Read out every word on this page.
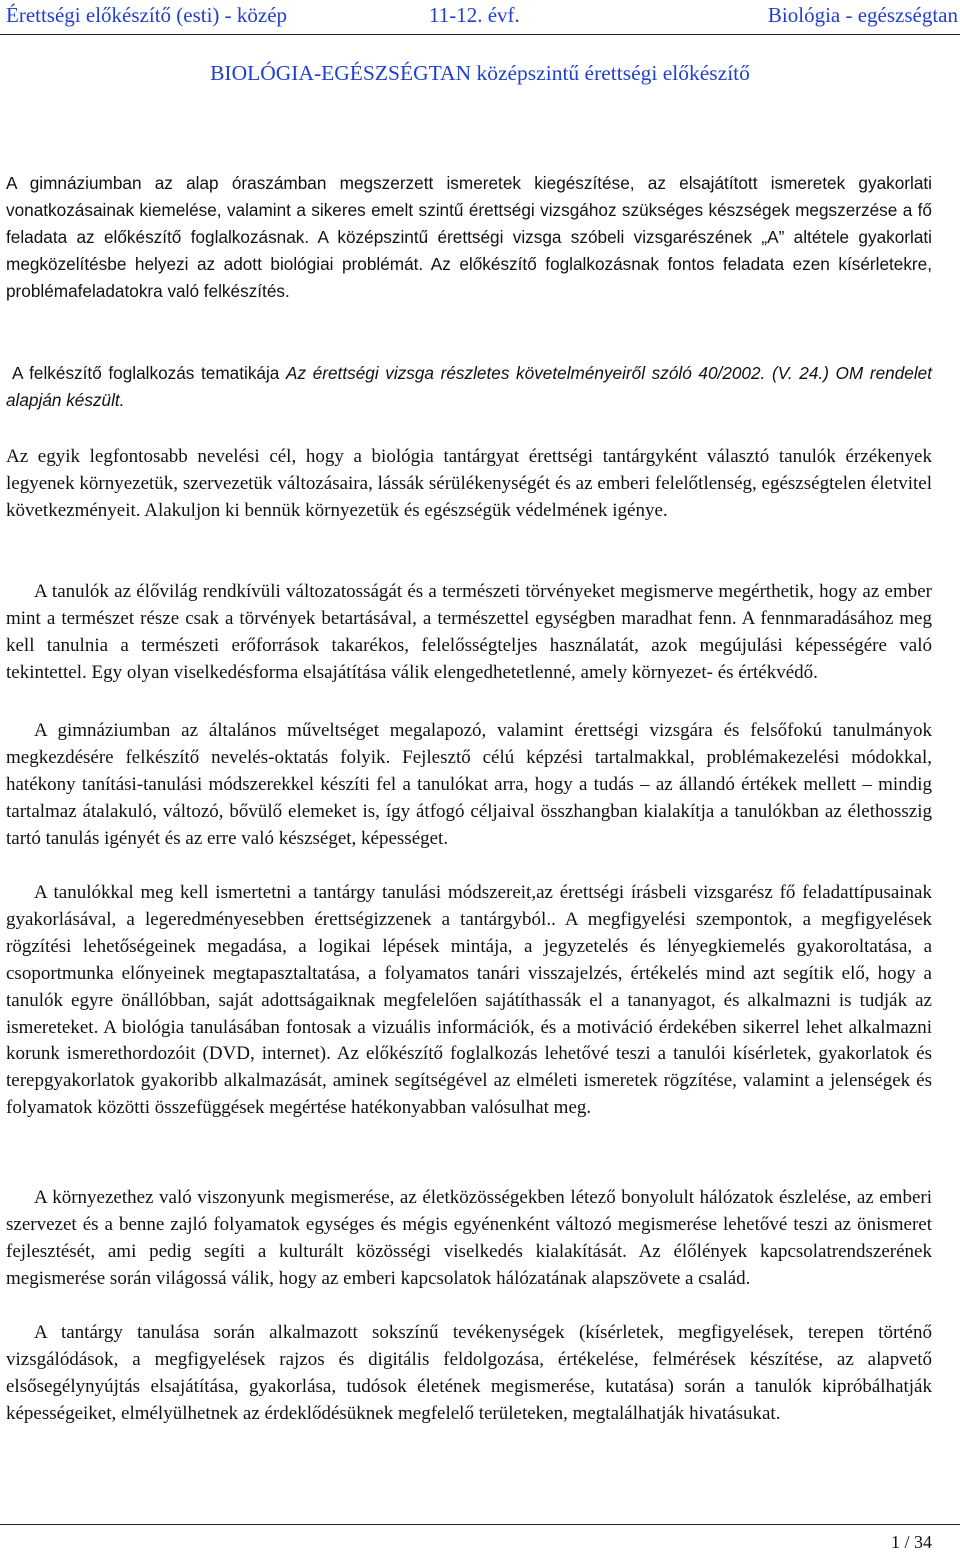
Érettségi előkészítő (esti) - közép	11-12. évf.	Biológia - egészségtan
BIOLÓGIA-EGÉSZSÉGTAN középszintű érettségi előkészítő

A gimnáziumban az alap óraszámban megszerzett ismeretek kiegészítése, az elsajátított ismeretek gyakorlati vonatkozásainak kiemelése, valamint a sikeres emelt szintű érettségi vizsgához szükséges készségek megszerzése a fő feladata az előkészítő foglalkozásnak. A középszintű érettségi vizsga szóbeli vizsgarészének „A” altétele gyakorlati megközelítésbe helyezi az adott biológiai problémát. Az előkészítő foglalkozásnak fontos feladata ezen kísérletekre, problémafeladatokra való felkészítés.

A felkészítő foglalkozás tematikája Az érettségi vizsga részletes követelményeiről szóló 40/2002. (V. 24.) OM rendelet alapján készült.

Az egyik legfontosabb nevelési cél, hogy a biológia tantárgyat érettségi tantárgyként választó tanulók érzékenyek legyenek környezetük, szervezetük változásaira, lássák sérülékenységét és az emberi felelőtlenség, egészségtelen életvitel következményeit. Alakuljon ki bennük környezetük és egészségük védelmének igénye.

A tanulók az élővilág rendkívüli változatosságát és a természeti törvényeket megismerve megérthetik, hogy az ember mint a természet része csak a törvények betartásával, a természettel egységben maradhat fenn. A fennmaradásához meg kell tanulnia a természeti erőforrások takarékos, felelősségteljes használatát, azok megújulási képességére való tekintettel. Egy olyan viselkedésforma elsajátítása válik elengedhetetlenné, amely környezet- és értékvédő.

A gimnáziumban az általános műveltséget megalapozó, valamint érettségi vizsgára és felsőfokú tanulmányok megkezdésére felkészítő nevelés-oktatás folyik. Fejlesztő célú képzési tartalmakkal, problémakezelési módokkal, hatékony tanítási-tanulási módszerekkel készíti fel a tanulókat arra, hogy a tudás – az állandó értékek mellett – mindig tartalmaz átalakuló, változó, bővülő elemeket is, így átfogó céljaival összhangban kialakítja a tanulókban az élethosszig tartó tanulás igényét és az erre való készséget, képességet.

A tanulókkal meg kell ismertetni a tantárgy tanulási módszereit,az érettségi írásbeli vizsgarész fő feladattípusainak gyakorlásával, a legeredményesebben érettségizzenek a tantárgyból.. A megfigyelési szempontok, a megfigyelések rögzítési lehetőségeinek megadása, a logikai lépések mintája, a jegyzetelés és lényegkiemelés gyakoroltatása, a csoportmunka előnyeinek megtapasztaltatása, a folyamatos tanári visszajelzés, értékelés mind azt segítik elő, hogy a tanulók egyre önállóbban, saját adottságaiknak megfelelően sajátíthassák el a tananyagot, és alkalmazni is tudják az ismereteket. A biológia tanulásában fontosak a vizuális információk, és a motiváció érdekében sikerrel lehet alkalmazni korunk ismerethordozóit (DVD, internet). Az előkészítő foglalkozás lehetővé teszi a tanulói kísérletek, gyakorlatok és terepgyakorlatok gyakoribb alkalmazását, aminek segítségével az elméleti ismeretek rögzítése, valamint a jelenségek és folyamatok közötti összefüggések megértése hatékonyabban valósulhat meg.

A környezethez való viszonyunk megismerése, az életközösségekben létező bonyolult hálózatok észlelése, az emberi szervezet és a benne zajló folyamatok egységes és mégis egyénenként változó megismerése lehetővé teszi az önismeret fejlesztését, ami pedig segíti a kulturált közösségi viselkedés kialakítását. Az élőlények kapcsolatrendszerének megismerése során világossá válik, hogy az emberi kapcsolatok hálózatának alapszövete a család.

A tantárgy tanulása során alkalmazott sokszínű tevékenységek (kísérletek, megfigyelések, terepen történő vizsgálódások, a megfigyelések rajzos és digitális feldolgozása, értékelése, felmérések készítése, az alapvető elsősegélynyújtás elsajátítása, gyakorlása, tudósok életének megismerése, kutatása) során a tanulók kipróbálhatják képességeiket, elmélyülhetnek az érdeklődésüknek megfelelő területeken, megtalálhatják hivatásukat.

1 / 34
